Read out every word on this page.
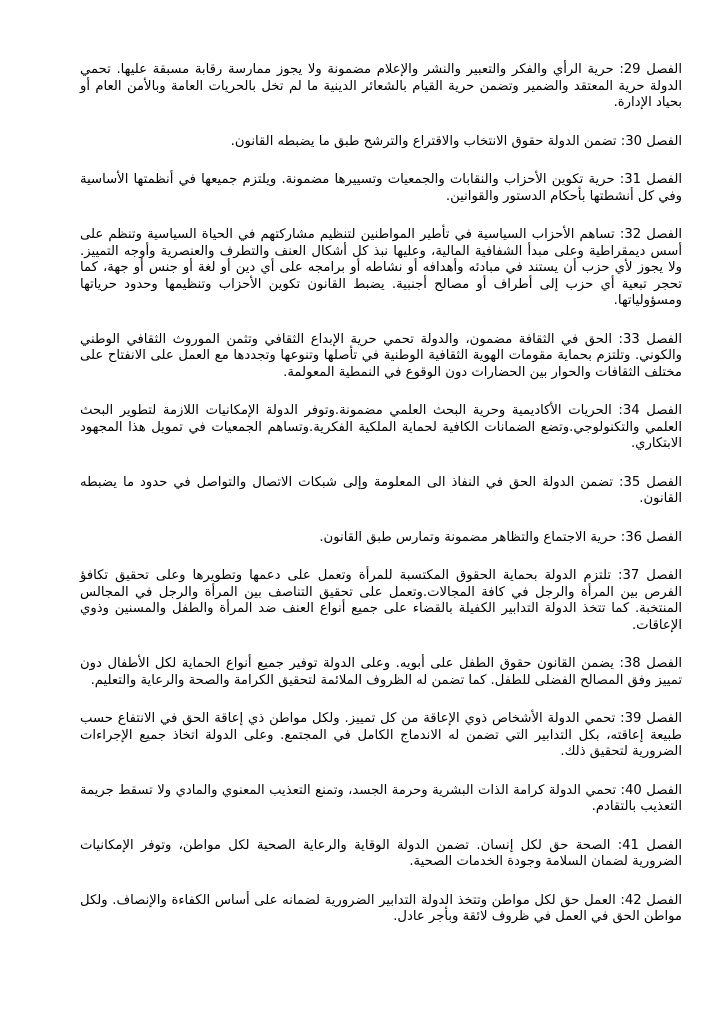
الفصل 29: حرية الرأي والفكر والتعبير والنشر والإعلام مضمونة ولا يجوز ممارسة رقابة مسبقة عليها. تحمي الدولة حرية المعتقد والضمير وتضمن حرية القيام بالشعائر الدينية ما لم تخل بالحريات العامة وبالأمن العام أو بحياد الإدارة.

الفصل 30: تضمن الدولة حقوق الانتخاب والاقتراع والترشح طبق ما يضبطه القانون.

الفصل 31: حرية تكوين الأحزاب والنقابات والجمعيات وتسييرها مضمونة. ويلتزم جميعها في أنظمتها الأساسية وفي كل أنشطتها بأحكام الدستور والقوانين.

الفصل 32: تساهم الأحزاب السياسية في تأطير المواطنين لتنظيم مشاركتهم في الحياة السياسية وتنظم على أسس ديمقراطية وعلى مبدأ الشفافية المالية، وعليها نبذ كل أشكال العنف والتطرف والعنصرية وأوجه التمييز. ولا يجوز لأي حزب أن يستند في مبادئه وأهدافه أو نشاطه أو برامجه على أي دين أو لغة أو جنس أو جهة، كما تحجر تبعية أي حزب إلى أطراف أو مصالح أجنبية. يضبط القانون تكوين الأحزاب وتنظيمها وحدود حرياتها ومسؤولياتها.

الفصل 33: الحق في الثقافة مضمون، والدولة تحمي حرية الإبداع الثقافي وتثمن الموروث الثقافي الوطني والكوني. وتلتزم بحماية مقومات الهوية الثقافية الوطنية في تأصلها وتنوعها وتجددها مع العمل على الانفتاح على مختلف الثقافات والحوار بين الحضارات دون الوقوع في النمطية المعولمة.

الفصل 34: الحريات الأكاديمية وحرية البحث العلمي مضمونة.وتوفر الدولة الإمكانيات اللازمة لتطوير البحث العلمي والتكنولوجي.وتضع الضمانات الكافية لحماية الملكية الفكرية.وتساهم الجمعيات في تمويل هذا المجهود الابتكاري.

الفصل 35: تضمن الدولة الحق في النفاذ الى المعلومة وإلى شبكات الاتصال والتواصل في حدود ما يضبطه القانون.

الفصل 36: حرية الاجتماع والتظاهر مضمونة وتمارس طبق القانون.

الفصل 37: تلتزم الدولة بحماية الحقوق المكتسبة للمرأة وتعمل على دعمها وتطويرها وعلى تحقيق تكافؤ الفرص بين المرأة والرجل في كافة المجالات.وتعمل على تحقيق التناصف بين المرأة والرجل في المجالس المنتخبة. كما تتخذ الدولة التدابير الكفيلة بالقضاء على جميع أنواع العنف ضد المرأة والطفل والمسنين وذوي الإعاقات.

الفصل 38: يضمن القانون حقوق الطفل على أبويه. وعلى الدولة توفير جميع أنواع الحماية لكل الأطفال دون تمييز وفق المصالح الفضلى للطفل. كما تضمن له الظروف الملائمة لتحقيق الكرامة والصحة والرعاية والتعليم.

الفصل 39: تحمي الدولة الأشخاص ذوي الإعاقة من كل تمييز. ولكل مواطن ذي إعاقة الحق في الانتفاع حسب طبيعة إعاقته، بكل التدابير التي تضمن له الاندماج الكامل في المجتمع. وعلى الدولة اتخاذ جميع الإجراءات الضرورية لتحقيق ذلك.

الفصل 40: تحمي الدولة كرامة الذات البشرية وحرمة الجسد، وتمنع التعذيب المعنوي والمادي ولا تسقط جريمة التعذيب بالتقادم.

الفصل 41: الصحة حق لكل إنسان. تضمن الدولة الوقاية والرعاية الصحية لكل مواطن، وتوفر الإمكانيات الضرورية لضمان السلامة وجودة الخدمات الصحية.

الفصل 42: العمل حق لكل مواطن وتتخذ الدولة التدابير الضرورية لضمانه على أساس الكفاءة والإنصاف. ولكل مواطن الحق في العمل في ظروف لائقة وبأجر عادل.
